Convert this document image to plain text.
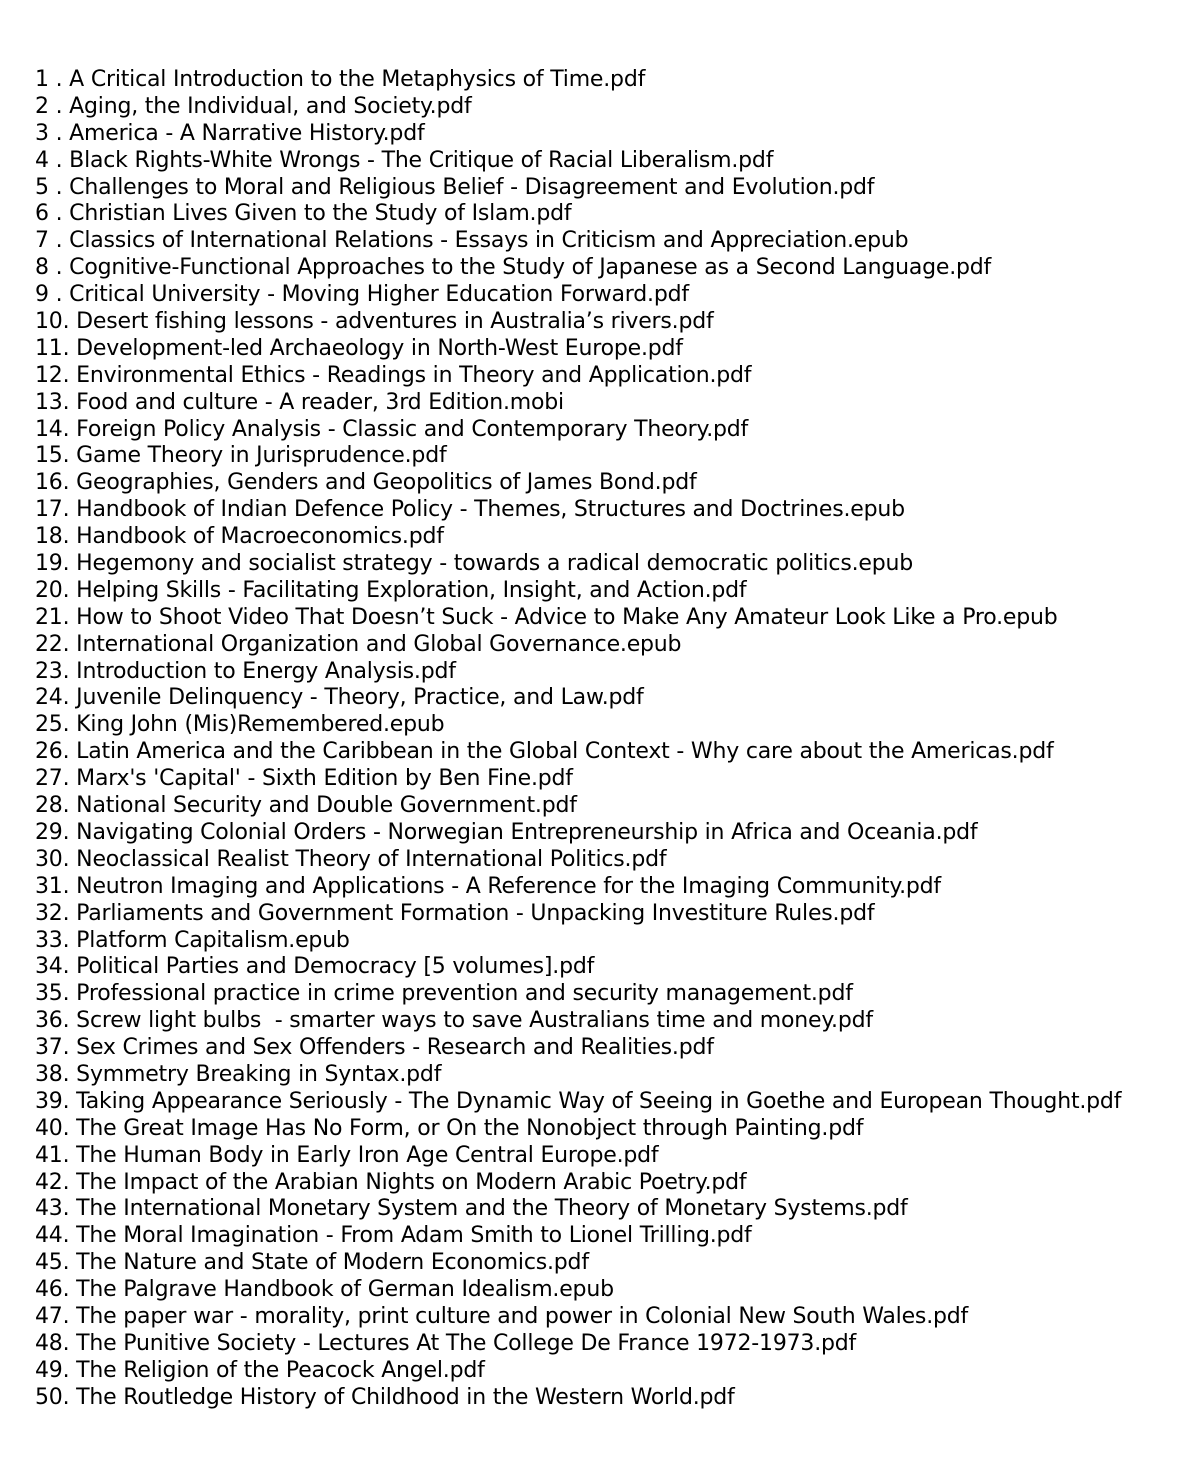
1 . A Critical Introduction to the Metaphysics of Time.pdf
2 . Aging, the Individual, and Society.pdf
3 . America - A Narrative History.pdf
4 . Black Rights-White Wrongs - The Critique of Racial Liberalism.pdf
5 . Challenges to Moral and Religious Belief - Disagreement and Evolution.pdf
6 . Christian Lives Given to the Study of Islam.pdf
7 . Classics of International Relations - Essays in Criticism and Appreciation.epub
8 . Cognitive-Functional Approaches to the Study of Japanese as a Second Language.pdf
9 . Critical University - Moving Higher Education Forward.pdf
10. Desert fishing lessons - adventures in Australia’s rivers.pdf
11. Development-led Archaeology in North-West Europe.pdf
12. Environmental Ethics - Readings in Theory and Application.pdf
13. Food and culture - A reader, 3rd Edition.mobi
14. Foreign Policy Analysis - Classic and Contemporary Theory.pdf
15. Game Theory in Jurisprudence.pdf
16. Geographies, Genders and Geopolitics of James Bond.pdf
17. Handbook of Indian Defence Policy - Themes, Structures and Doctrines.epub
18. Handbook of Macroeconomics.pdf
19. Hegemony and socialist strategy - towards a radical democratic politics.epub
20. Helping Skills - Facilitating Exploration, Insight, and Action.pdf
21. How to Shoot Video That Doesn’t Suck - Advice to Make Any Amateur Look Like a Pro.epub
22. International Organization and Global Governance.epub
23. Introduction to Energy Analysis.pdf
24. Juvenile Delinquency - Theory, Practice, and Law.pdf
25. King John (Mis)Remembered.epub
26. Latin America and the Caribbean in the Global Context - Why care about the Americas.pdf
27. Marx's 'Capital' - Sixth Edition by Ben Fine.pdf
28. National Security and Double Government.pdf
29. Navigating Colonial Orders - Norwegian Entrepreneurship in Africa and Oceania.pdf
30. Neoclassical Realist Theory of International Politics.pdf
31. Neutron Imaging and Applications - A Reference for the Imaging Community.pdf
32. Parliaments and Government Formation - Unpacking Investiture Rules.pdf
33. Platform Capitalism.epub
34. Political Parties and Democracy [5 volumes].pdf
35. Professional practice in crime prevention and security management.pdf
36. Screw light bulbs  - smarter ways to save Australians time and money.pdf
37. Sex Crimes and Sex Offenders - Research and Realities.pdf
38. Symmetry Breaking in Syntax.pdf
39. Taking Appearance Seriously - The Dynamic Way of Seeing in Goethe and European Thought.pdf
40. The Great Image Has No Form, or On the Nonobject through Painting.pdf
41. The Human Body in Early Iron Age Central Europe.pdf
42. The Impact of the Arabian Nights on Modern Arabic Poetry.pdf
43. The International Monetary System and the Theory of Monetary Systems.pdf
44. The Moral Imagination - From Adam Smith to Lionel Trilling.pdf
45. The Nature and State of Modern Economics.pdf
46. The Palgrave Handbook of German Idealism.epub
47. The paper war - morality, print culture and power in Colonial New South Wales.pdf
48. The Punitive Society - Lectures At The College De France 1972-1973.pdf
49. The Religion of the Peacock Angel.pdf
50. The Routledge History of Childhood in the Western World.pdf
